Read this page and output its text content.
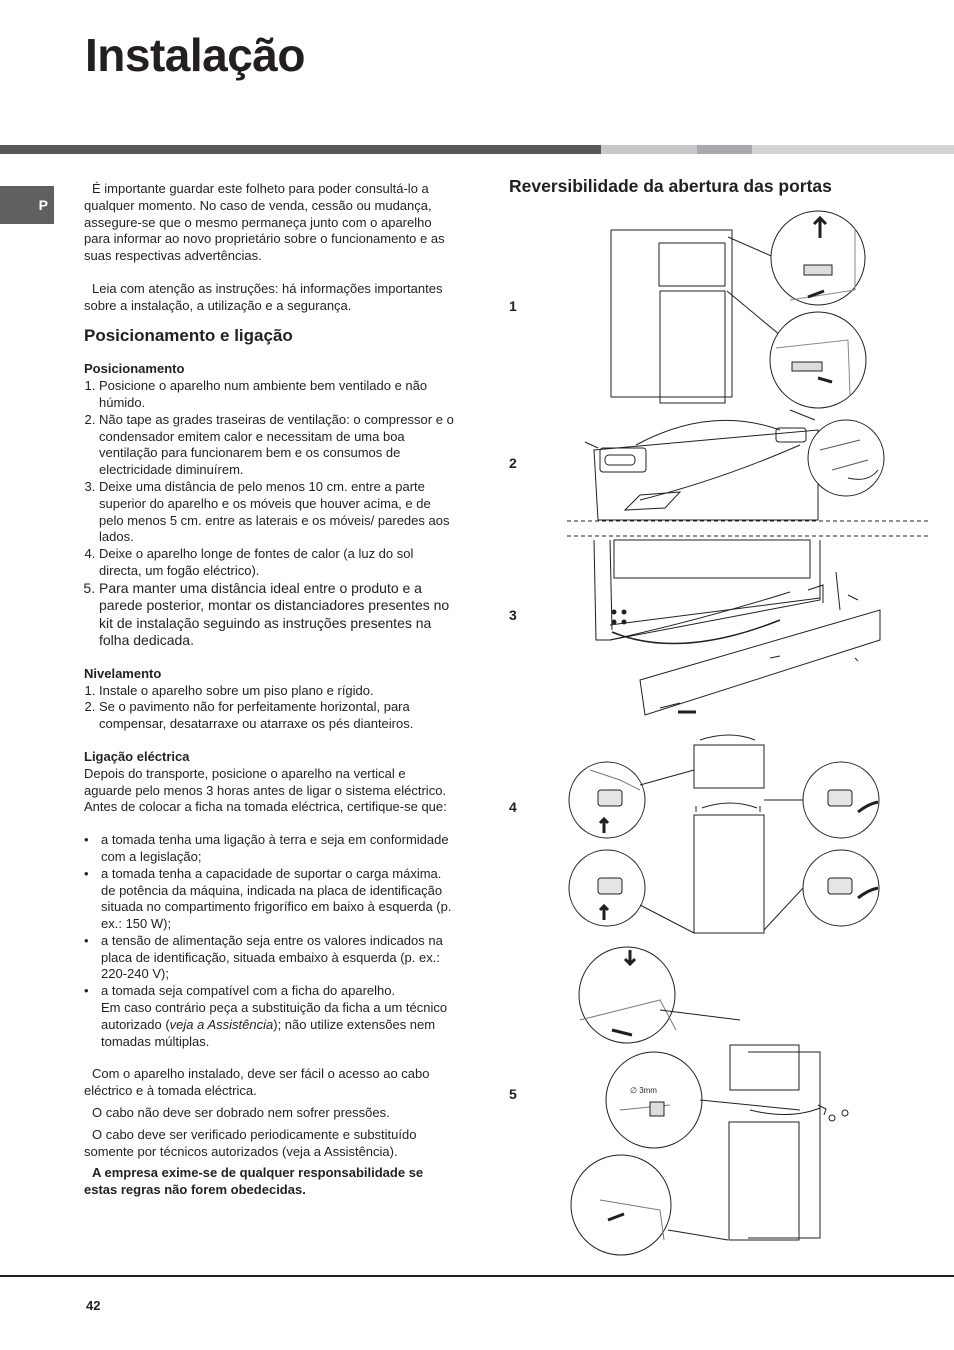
Instalação
P

É importante guardar este folheto para poder consultá-lo a qualquer momento. No caso de venda, cessão ou mudança, assegure-se que o mesmo permaneça junto com o aparelho para informar ao novo proprietário sobre o funcionamento e as suas respectivas advertências.

Leia com atenção as instruções: há informações importantes sobre a instalação, a utilização e a segurança.

Posicionamento e ligação
Posicionamento
1. Posicione o aparelho num ambiente bem ventilado e não húmido.
2. Não tape as grades traseiras de ventilação: o compressor e o condensador emitem calor e necessitam de uma boa ventilação para funcionarem bem e os consumos de electricidade diminuírem.
3. Deixe uma distância de pelo menos 10 cm. entre a parte superior do aparelho e os móveis que houver acima, e de pelo menos 5 cm. entre as laterais e os móveis/ paredes aos lados.
4. Deixe o aparelho longe de fontes de calor (a luz do sol directa, um fogão eléctrico).
5. Para manter uma distância ideal entre o produto e a parede posterior, montar os distanciadores presentes no kit de instalação seguindo as instruções presentes na folha dedicada.
Nivelamento
1. Instale o aparelho sobre um piso plano e rígido.
2. Se o pavimento não for perfeitamente horizontal, para compensar, desatarraxe ou atarraxe os pés dianteiros.
Ligação eléctrica

Depois do transporte, posicione o aparelho na vertical e aguarde pelo menos 3 horas antes de ligar o sistema eléctrico. Antes de colocar a ficha na tomada eléctrica, certifique-se que:

• a tomada tenha uma ligação à terra e seja em conformidade com a legislação;
• a tomada tenha a capacidade de suportar o carga máxima.
de potência da máquina, indicada na placa de identificação situada no compartimento frigorífico em baixo à esquerda (p. ex.: 150 W);
• a tensão de alimentação seja entre os valores indicados na placa de identificação, situada embaixo à esquerda (p. ex.: 220-240 V);
• a tomada seja compatível com a ficha do aparelho.
Em caso contrário peça a substituição da ficha a um técnico autorizado (veja a Assistência); não utilize extensões nem tomadas múltiplas.

Com o aparelho instalado, deve ser fácil o acesso ao cabo eléctrico e à tomada eléctrica.

O cabo não deve ser dobrado nem sofrer pressões.

O cabo deve ser verificado periodicamente e substituído somente por técnicos autorizados (veja a Assistência).

A empresa exime-se de qualquer responsabilidade se estas regras não forem obedecidas.

Reversibilidade da abertura das portas
1
2
3
4
5	∅ 3mm
42
